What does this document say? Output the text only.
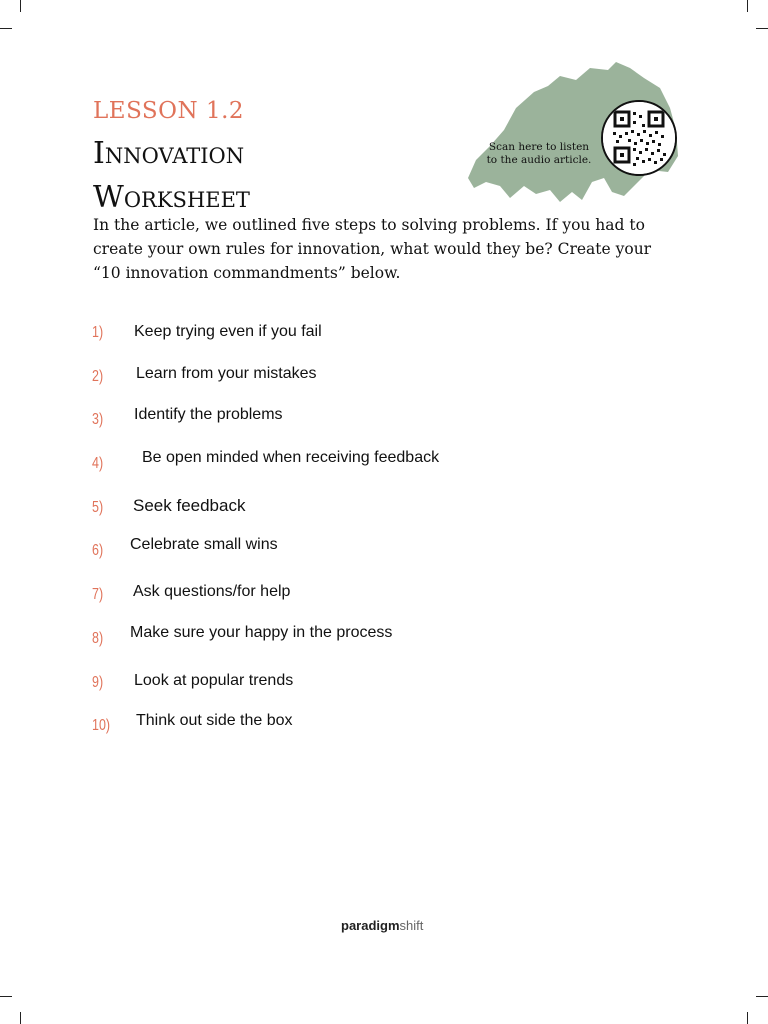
LESSON 1.2
Innovation
Worksheet
Scan here to listen
to the audio article.
In the article, we outlined five steps to solving problems. If you had to create your own rules for innovation, what would they be? Create your “10 innovation commandments” below.
1) Keep trying even if you fail
2) Learn from your mistakes
3) Identify the problems
4) Be open minded when receiving feedback
5) Seek feedback
6) Celebrate small wins
7) Ask questions/for help
8) Make sure your happy in the process
9) Look at popular trends
10) Think out side the box
paradigmshift
